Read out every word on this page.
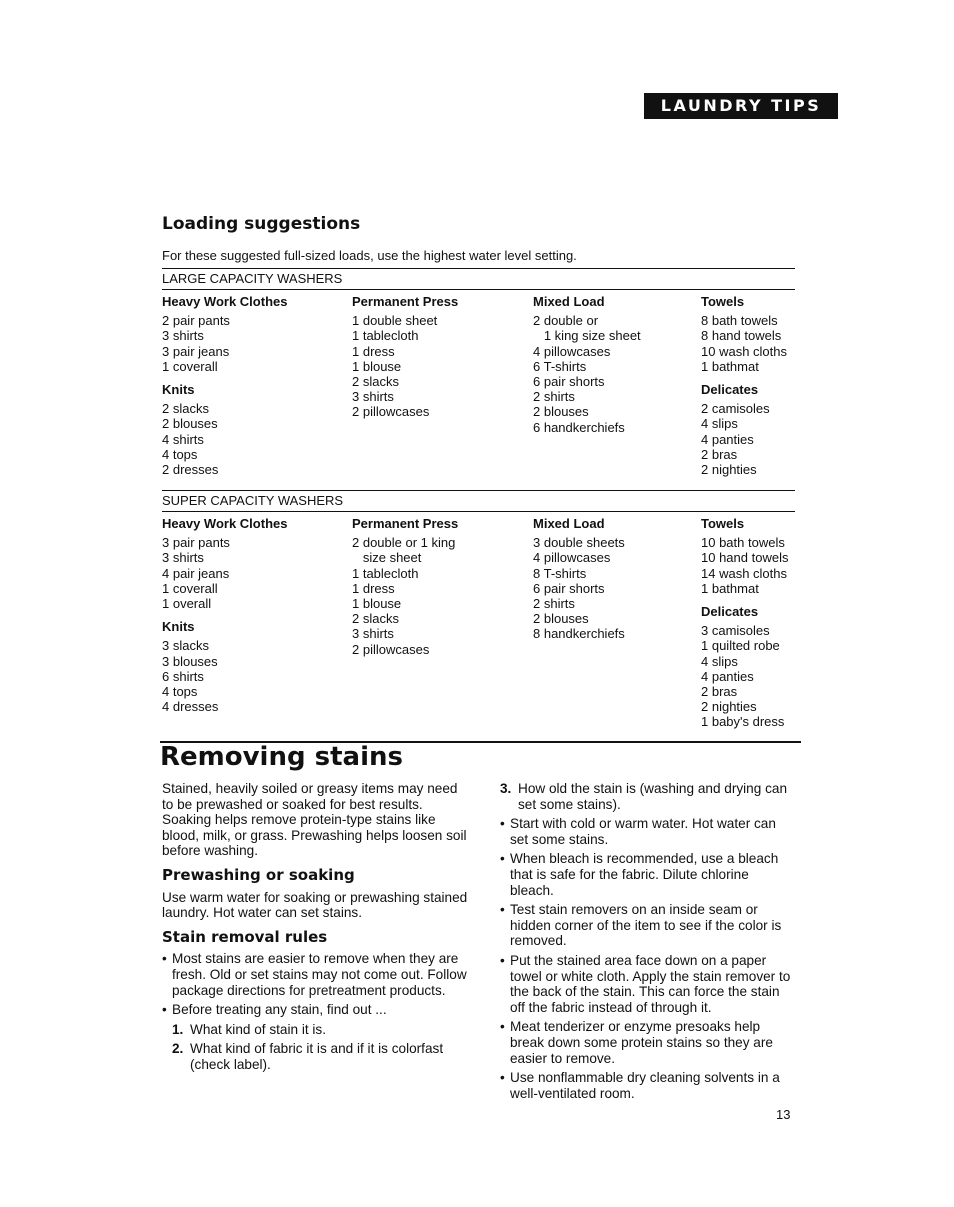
LAUNDRY TIPS
Loading suggestions
For these suggested full-sized loads, use the highest water level setting.
LARGE CAPACITY WASHERS
Heavy Work Clothes
2 pair pants
3 shirts
3 pair jeans
1 coverall
Knits
2 slacks
2 blouses
4 shirts
4 tops
2 dresses
Permanent Press
1 double sheet
1 tablecloth
1 dress
1 blouse
2 slacks
3 shirts
2 pillowcases
Mixed Load
2 double or
1 king size sheet
4 pillowcases
6 T-shirts
6 pair shorts
2 shirts
2 blouses
6 handkerchiefs
Towels
8 bath towels
8 hand towels
10 wash cloths
1 bathmat
Delicates
2 camisoles
4 slips
4 panties
2 bras
2 nighties
SUPER CAPACITY WASHERS
Heavy Work Clothes
3 pair pants
3 shirts
4 pair jeans
1 coverall
1 overall
Knits
3 slacks
3 blouses
6 shirts
4 tops
4 dresses
Permanent Press
2 double or 1 king
size sheet
1 tablecloth
1 dress
1 blouse
2 slacks
3 shirts
2 pillowcases
Mixed Load
3 double sheets
4 pillowcases
8 T-shirts
6 pair shorts
2 shirts
2 blouses
8 handkerchiefs
Towels
10 bath towels
10 hand towels
14 wash cloths
1 bathmat
Delicates
3 camisoles
1 quilted robe
4 slips
4 panties
2 bras
2 nighties
1 baby's dress
Removing stains

Stained, heavily soiled or greasy items may need to be prewashed or soaked for best results. Soaking helps remove protein-type stains like blood, milk, or grass. Prewashing helps loosen soil before washing.

Prewashing or soaking

Use warm water for soaking or prewashing stained laundry. Hot water can set stains.

Stain removal rules
• Most stains are easier to remove when they are fresh. Old or set stains may not come out. Follow package directions for pretreatment products.
• Before treating any stain, find out ...
1. What kind of stain it is.
2. What kind of fabric it is and if it is colorfast (check label).
3. How old the stain is (washing and drying can set some stains).
• Start with cold or warm water. Hot water can set some stains.
• When bleach is recommended, use a bleach that is safe for the fabric. Dilute chlorine bleach.
• Test stain removers on an inside seam or hidden corner of the item to see if the color is removed.
• Put the stained area face down on a paper towel or white cloth. Apply the stain remover to the back of the stain. This can force the stain off the fabric instead of through it.
• Meat tenderizer or enzyme presoaks help break down some protein stains so they are easier to remove.
• Use nonflammable dry cleaning solvents in a well-ventilated room.
13
